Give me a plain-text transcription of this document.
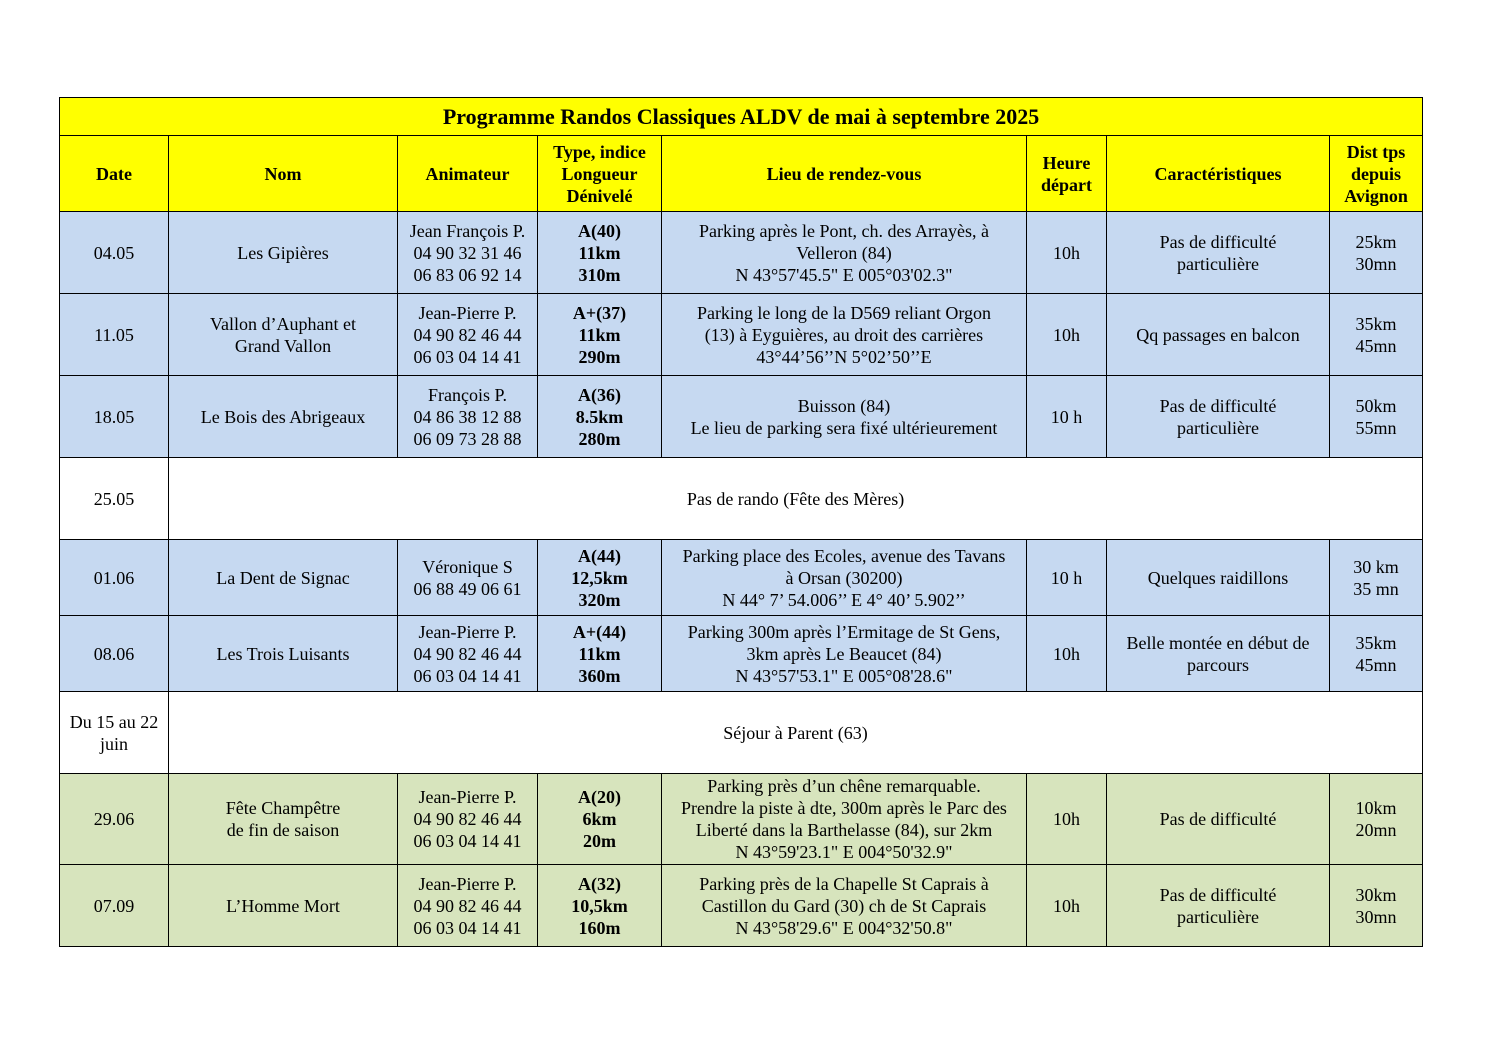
Programme Randos Classiques ALDV de mai à septembre 2025							
Date	Nom	Animateur	Type, indice
Longueur
Dénivelé	Lieu de rendez-vous	Heure
départ	Caractéristiques	Dist tps
depuis
Avignon

04.05	Les Gipières	Jean François P.
04 90 32 31 46
06 83 06 92 14	A(40)
11km
310m	Parking après le Pont, ch. des Arrayès, à
Velleron (84)
N 43°57'45.5" E 005°03'02.3"	10h	Pas de difficulté
particulière	25km
30mn

11.05	Vallon d’Auphant et
Grand Vallon	Jean-Pierre P.
04 90 82 46 44
06 03 04 14 41	A+(37)
11km
290m	Parking le long de la D569 reliant Orgon
(13) à Eyguières, au droit des carrières
43°44’56’’N 5°02’50’’E	10h	Qq passages en balcon	35km
45mn

18.05	Le Bois des Abrigeaux	François P.
04 86 38 12 88
06 09 73 28 88	A(36)
8.5km
280m	Buisson (84)
Le lieu de parking sera fixé ultérieurement	10 h	Pas de difficulté
particulière	50km
55mn

25.05	Pas de rando (Fête des Mères)						
01.06	La Dent de Signac	Véronique S
06 88 49 06 61	A(44)
12,5km
320m	Parking place des Ecoles, avenue des Tavans
à Orsan (30200)
N 44° 7’ 54.006’’ E 4° 40’ 5.902’’	10 h	Quelques raidillons	30 km
35 mn

08.06	Les Trois Luisants	Jean-Pierre P.
04 90 82 46 44
06 03 04 14 41	A+(44)
11km
360m	Parking 300m après l’Ermitage de St Gens,
3km après Le Beaucet (84)
N 43°57'53.1" E 005°08'28.6"	10h	Belle montée en début de
parcours	35km
45mn

Du 15 au 22 juin	Séjour à Parent (63)						
29.06	Fête Champêtre
de fin de saison	Jean-Pierre P.
04 90 82 46 44
06 03 04 14 41	A(20)
6km
20m	Parking près d’un chêne remarquable.
Prendre la piste à dte, 300m après le Parc des
Liberté dans la Barthelasse (84), sur 2km
N 43°59'23.1" E 004°50'32.9"	10h	Pas de difficulté	10km
20mn

07.09	L’Homme Mort	Jean-Pierre P.
04 90 82 46 44
06 03 04 14 41	A(32)
10,5km
160m	Parking près de la Chapelle St Caprais à
Castillon du Gard (30) ch de St Caprais
N 43°58'29.6" E 004°32'50.8"	10h	Pas de difficulté
particulière	30km
30mn
